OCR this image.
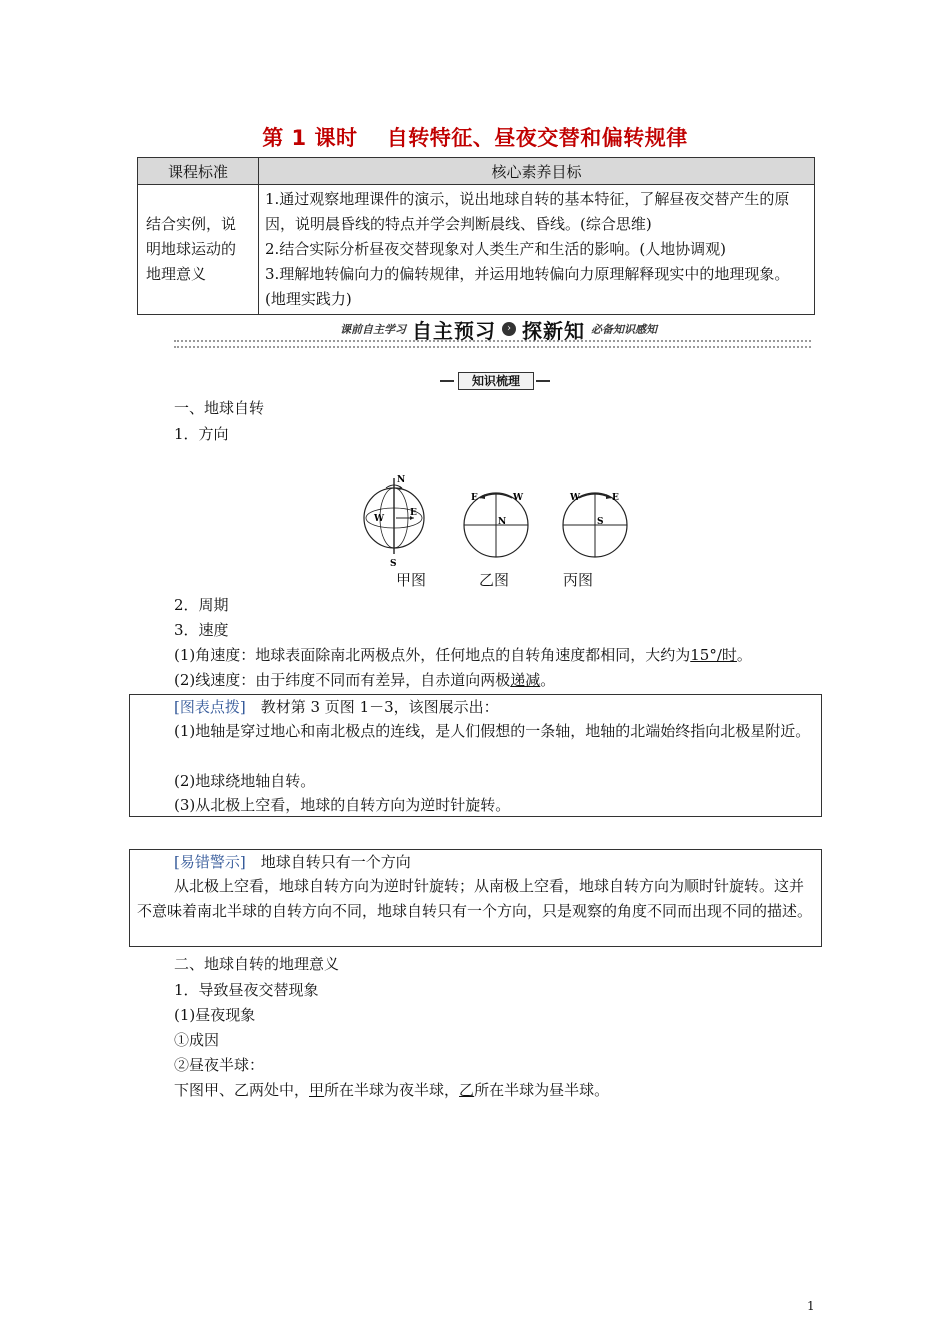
第 1 课时　 自转特征、昼夜交替和偏转规律
课程标准	核心素养目标
结合实例，说明地球运动的地理意义	1.通过观察地理课件的演示，说出地球自转的基本特征，了解昼夜交替产生的原因，说明晨昏线的特点并学会判断晨线、昏线。(综合思维)
2.结合实际分析昼夜交替现象对人类生产和生活的影响。(人地协调观)
3.理解地转偏向力的偏转规律，并运用地转偏向力原理解释现实中的地理现象。(地理实践力)
课前自主学习 自主预习	› 探新知 必备知识感知
知识梳理
一、地球自转
1．方向
N
S
W
E
E	W
N
W	E
S
甲图	乙图	丙图
2．周期
3．速度
(1)角速度：地球表面除南北两极点外，任何地点的自转角速度都相同，大约为15°/时。
(2)线速度：由于纬度不同而有差异，自赤道向两极递减。
[图表点拨]　教材第 3 页图 1－3，该图展示出：
(1)地轴是穿过地心和南北极点的连线，是人们假想的一条轴，地轴的北端始终指向北极星附近。
(2)地球绕地轴自转。
(3)从北极上空看，地球的自转方向为逆时针旋转。
[易错警示]　地球自转只有一个方向
从北极上空看，地球自转方向为逆时针旋转；从南极上空看，地球自转方向为顺时针旋转。这并不意味着南北半球的自转方向不同，地球自转只有一个方向，只是观察的角度不同而出现不同的描述。
二、地球自转的地理意义
1．导致昼夜交替现象
(1)昼夜现象
①成因
②昼夜半球：
下图甲、乙两处中，甲所在半球为夜半球，乙所在半球为昼半球。
1
